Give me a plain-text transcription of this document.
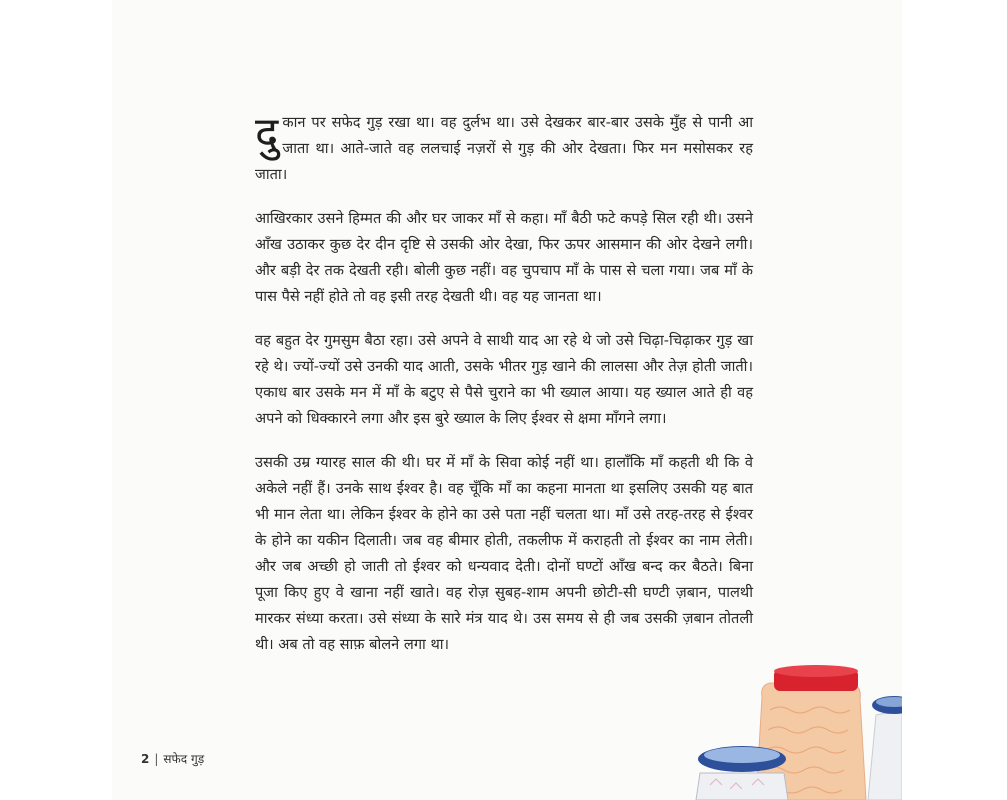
दुकान पर सफेद गुड़ रखा था। वह दुर्लभ था। उसे देखकर बार-बार उसके मुँह से पानी आ जाता था। आते-जाते वह ललचाई नज़रों से गुड़ की ओर देखता। फिर मन मसोसकर रह जाता।

आखिरकार उसने हिम्मत की और घर जाकर माँ से कहा। माँ बैठी फटे कपड़े सिल रही थी। उसने आँख उठाकर कुछ देर दीन दृष्टि से उसकी ओर देखा, फिर ऊपर आसमान की ओर देखने लगी। और बड़ी देर तक देखती रही। बोली कुछ नहीं। वह चुपचाप माँ के पास से चला गया। जब माँ के पास पैसे नहीं होते तो वह इसी तरह देखती थी। वह यह जानता था।

वह बहुत देर गुमसुम बैठा रहा। उसे अपने वे साथी याद आ रहे थे जो उसे चिढ़ा-चिढ़ाकर गुड़ खा रहे थे। ज्यों-ज्यों उसे उनकी याद आती, उसके भीतर गुड़ खाने की लालसा और तेज़ होती जाती। एकाध बार उसके मन में माँ के बटुए से पैसे चुराने का भी ख्याल आया। यह ख्याल आते ही वह अपने को धिक्कारने लगा और इस बुरे ख्याल के लिए ईश्वर से क्षमा माँगने लगा।

उसकी उम्र ग्यारह साल की थी। घर में माँ के सिवा कोई नहीं था। हालाँकि माँ कहती थी कि वे अकेले नहीं हैं। उनके साथ ईश्वर है। वह चूँकि माँ का कहना मानता था इसलिए उसकी यह बात भी मान लेता था। लेकिन ईश्वर के होने का उसे पता नहीं चलता था। माँ उसे तरह-तरह से ईश्वर के होने का यकीन दिलाती। जब वह बीमार होती, तकलीफ में कराहती तो ईश्वर का नाम लेती। और जब अच्छी हो जाती तो ईश्वर को धन्यवाद देती। दोनों घण्टों आँख बन्द कर बैठते। बिना पूजा किए हुए वे खाना नहीं खाते। वह रोज़ सुबह-शाम अपनी छोटी-सी घण्टी ज़बान, पालथी मारकर संध्या करता। उसे संध्या के सारे मंत्र याद थे। उस समय से ही जब उसकी ज़बान तोतली थी। अब तो वह साफ़ बोलने लगा था।

2 | सफेद गुड़
